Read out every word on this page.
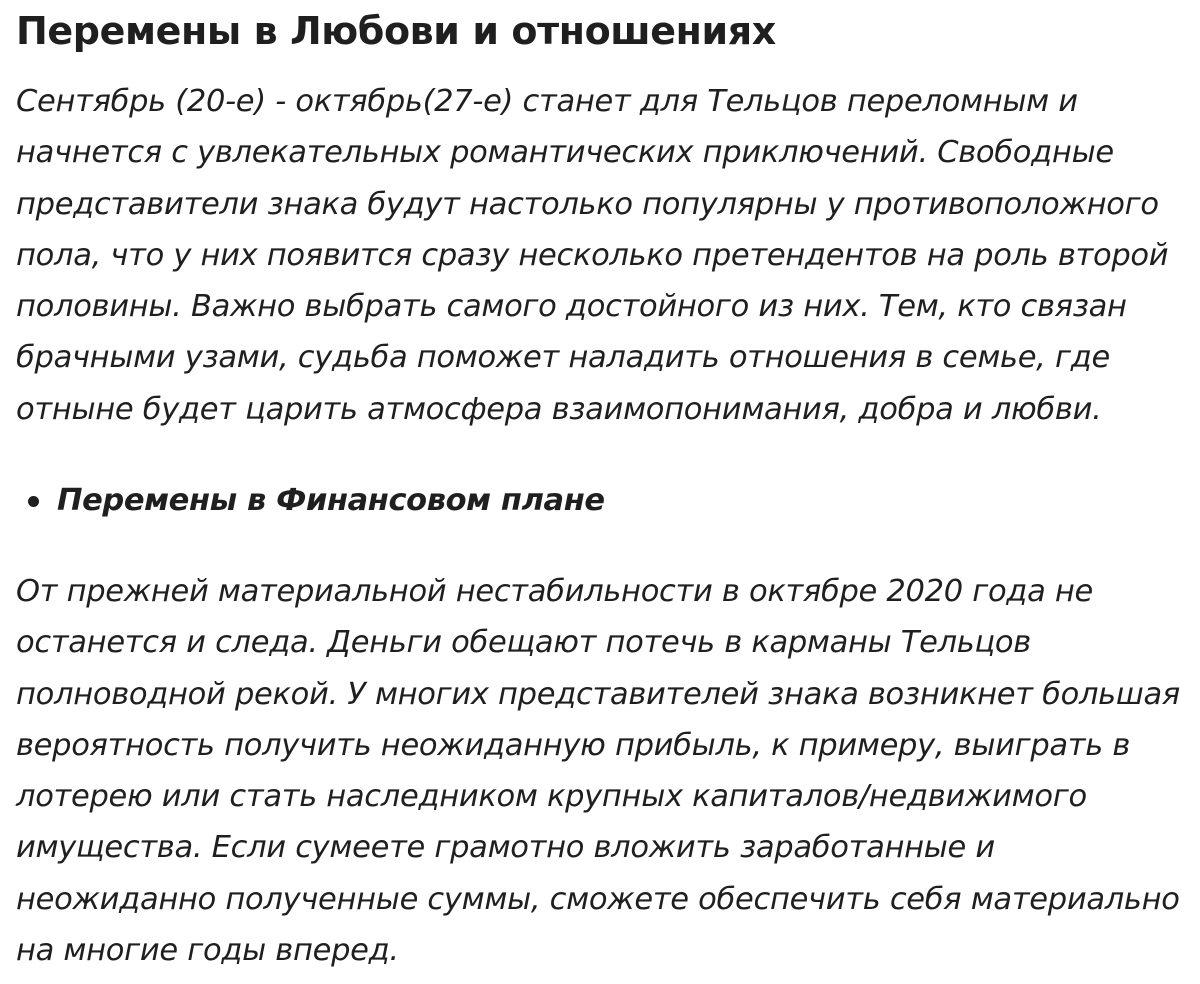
Перемены в Любови и отношениях

Сентябрь (20-е) - октябрь(27-е) станет для Тельцов переломным и
начнется с увлекательных романтических приключений. Свободные
представители знака будут настолько популярны у противоположного
пола, что у них появится сразу несколько претендентов на роль второй
половины. Важно выбрать самого достойного из них. Тем, кто связан
брачными узами, судьба поможет наладить отношения в семье, где
отныне будет царить атмосфера взаимопонимания, добра и любви.

Перемены в Финансовом плане

От прежней материальной нестабильности в октябре 2020 года не
останется и следа. Деньги обещают потечь в карманы Тельцов
полноводной рекой. У многих представителей знака возникнет большая
вероятность получить неожиданную прибыль, к примеру, выиграть в
лотерею или стать наследником крупных капиталов/недвижимого
имущества. Если сумеете грамотно вложить заработанные и
неожиданно полученные суммы, сможете обеспечить себя материально
на многие годы вперед.
